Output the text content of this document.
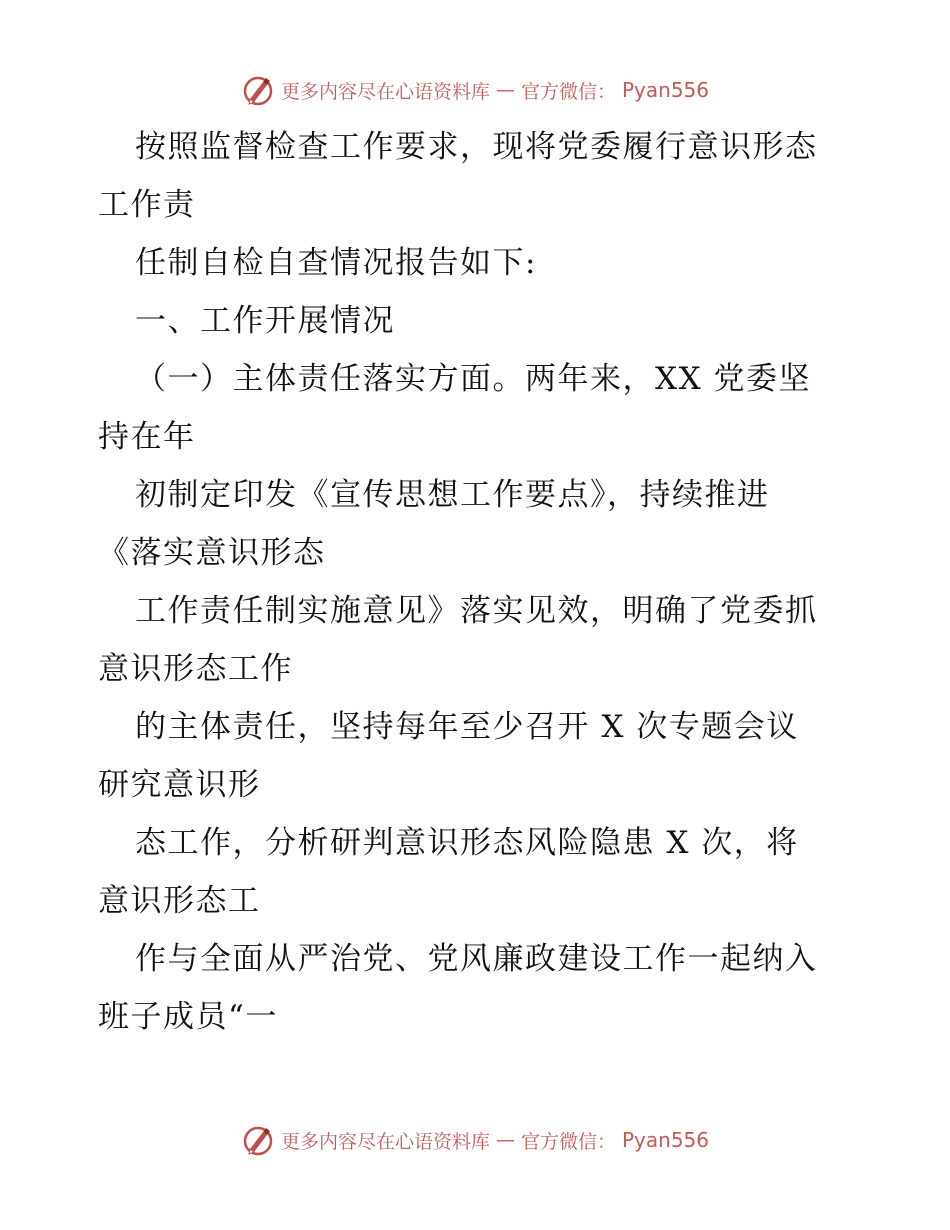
更多内容尽在心语资料库 — 官方微信： Pyan556
按照监督检查工作要求，现将党委履行意识形态
工作责
任制自检自查情况报告如下:
一、工作开展情况
（一）主体责任落实方面。两年来，XX 党委坚
持在年
初制定印发《宣传思想工作要点》，持续推进
《落实意识形态
工作责任制实施意见》落实见效，明确了党委抓
意识形态工作
的主体责任，坚持每年至少召开 X 次专题会议
研究意识形
态工作，分析研判意识形态风险隐患 X 次，将
意识形态工
作与全面从严治党、党风廉政建设工作一起纳入
班子成员“一
更多内容尽在心语资料库 — 官方微信： Pyan556
